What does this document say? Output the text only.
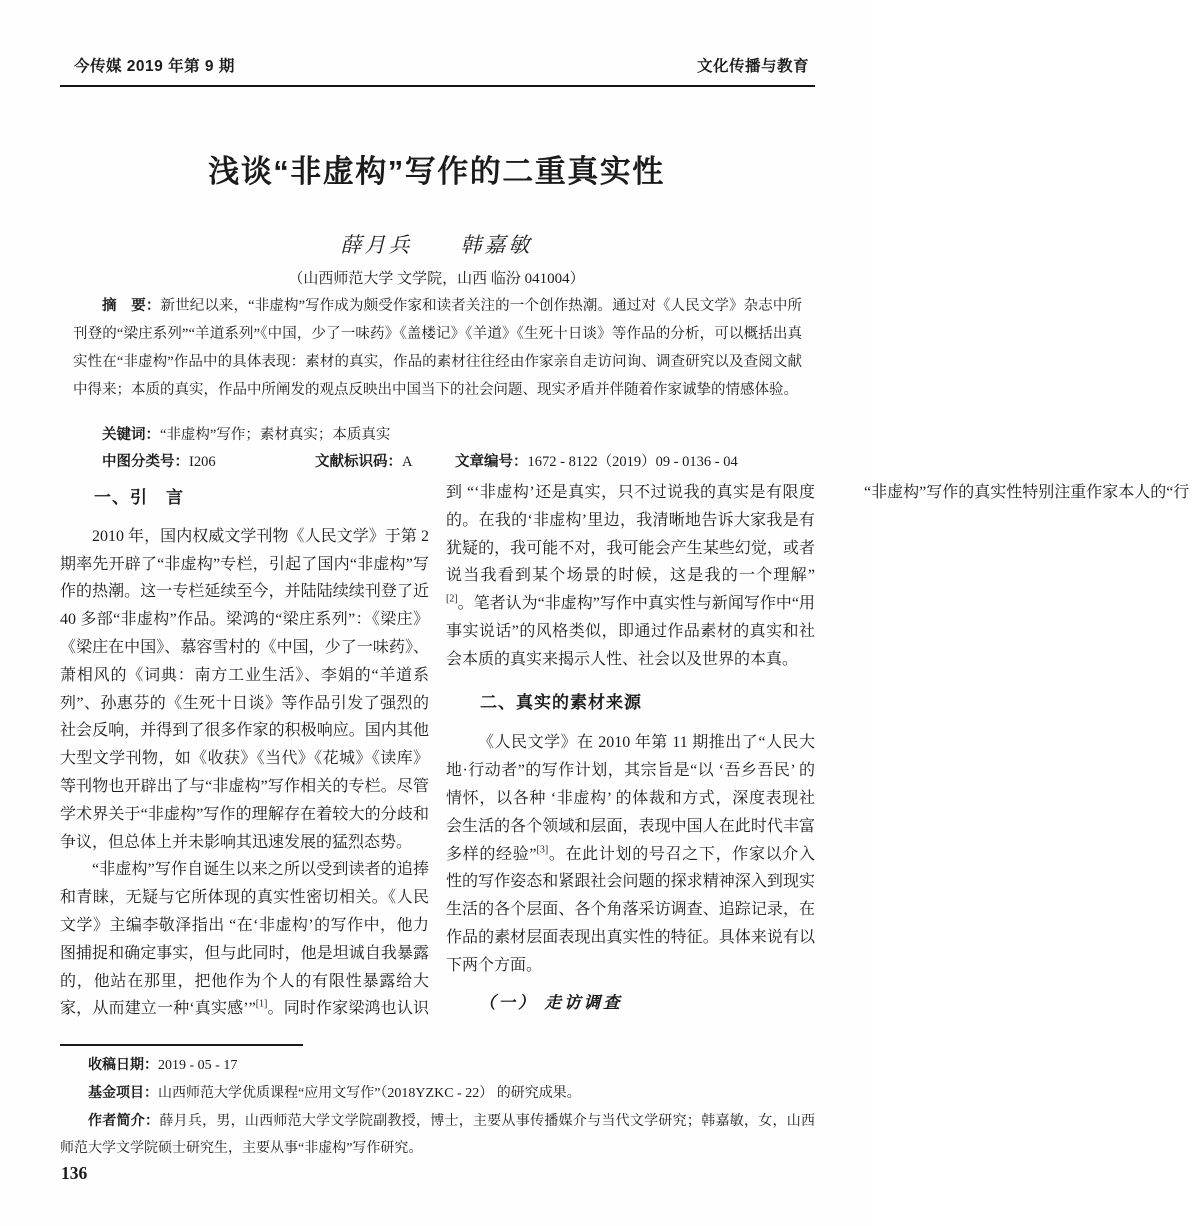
今传媒 2019 年第 9 期	文化传播与教育
浅谈“非虚构”写作的二重真实性
薛月兵　　韩嘉敏
（山西师范大学 文学院，山西 临汾 041004）

摘　要：新世纪以来，“非虚构”写作成为颇受作家和读者关注的一个创作热潮。通过对《人民文学》杂志中所刊登的“梁庄系列”“羊道系列”《中国，少了一味药》《盖楼记》《羊道》《生死十日谈》等作品的分析，可以概括出真实性在“非虚构”作品中的具体表现：素材的真实，作品的素材往往经由作家亲自走访问询、调查研究以及查阅文献中得来；本质的真实，作品中所阐发的观点反映出中国当下的社会问题、现实矛盾并伴随着作家诚挚的情感体验。

关键词：“非虚构”写作；素材真实；本质真实
中图分类号：I206	文献标识码：A	文章编号：1672 - 8122（2019）09 - 0136 - 04
一、引　言

2010 年，国内权威文学刊物《人民文学》于第 2 期率先开辟了“非虚构”专栏，引起了国内“非虚构”写作的热潮。这一专栏延续至今，并陆陆续续刊登了近 40 多部“非虚构”作品。梁鸿的“梁庄系列”：《梁庄》《梁庄在中国》、慕容雪村的《中国，少了一味药》、萧相风的《词典：南方工业生活》、李娟的“羊道系列”、孙惠芬的《生死十日谈》等作品引发了强烈的社会反响，并得到了很多作家的积极响应。国内其他大型文学刊物，如《收获》《当代》《花城》《读库》等刊物也开辟出了与“非虚构”写作相关的专栏。尽管学术界关于“非虚构”写作的理解存在着较大的分歧和争议，但总体上并未影响其迅速发展的猛烈态势。

“非虚构”写作自诞生以来之所以受到读者的追捧和青睐，无疑与它所体现的真实性密切相关。《人民文学》主编李敬泽指出 “在‘非虚构’的写作中，他力图捕捉和确定事实，但与此同时，他是坦诚自我暴露的，他站在那里，把他作为个人的有限性暴露给大家，从而建立一种‘真实感’”[1]。同时作家梁鸿也认识到 “‘非虚构’还是真实，只不过说我的真实是有限度的。在我的‘非虚构’里边，我清晰地告诉大家我是有犹疑的，我可能不对，我可能会产生某些幻觉，或者说当我看到某个场景的时候，这是我的一个理解”[2]。笔者认为“非虚构”写作中真实性与新闻写作中“用事实说话”的风格类似，即通过作品素材的真实和社会本质的真实来揭示人性、社会以及世界的本真。

二、真实的素材来源

《人民文学》在 2010 年第 11 期推出了“人民大地·行动者”的写作计划，其宗旨是“以 ‘吾乡吾民’ 的情怀，以各种 ‘非虚构’ 的体裁和方式，深度表现社会生活的各个领域和层面，表现中国人在此时代丰富多样的经验”[3]。在此计划的号召之下，作家以介入性的写作姿态和紧跟社会问题的探求精神深入到现实生活的各个层面、各个角落采访调查、追踪记录，在作品的素材层面表现出真实性的特征。具体来说有以下两个方面。

（一） 走访调查

“非虚构”写作的真实性特别注重作家本人的“行

收稿日期：2019 - 05 - 17

基金项目：山西师范大学优质课程“应用文写作”（2018YZKC - 22） 的研究成果。

作者简介：薛月兵，男，山西师范大学文学院副教授，博士，主要从事传播媒介与当代文学研究；韩嘉敏，女，山西师范大学文学院硕士研究生，主要从事“非虚构”写作研究。

136
